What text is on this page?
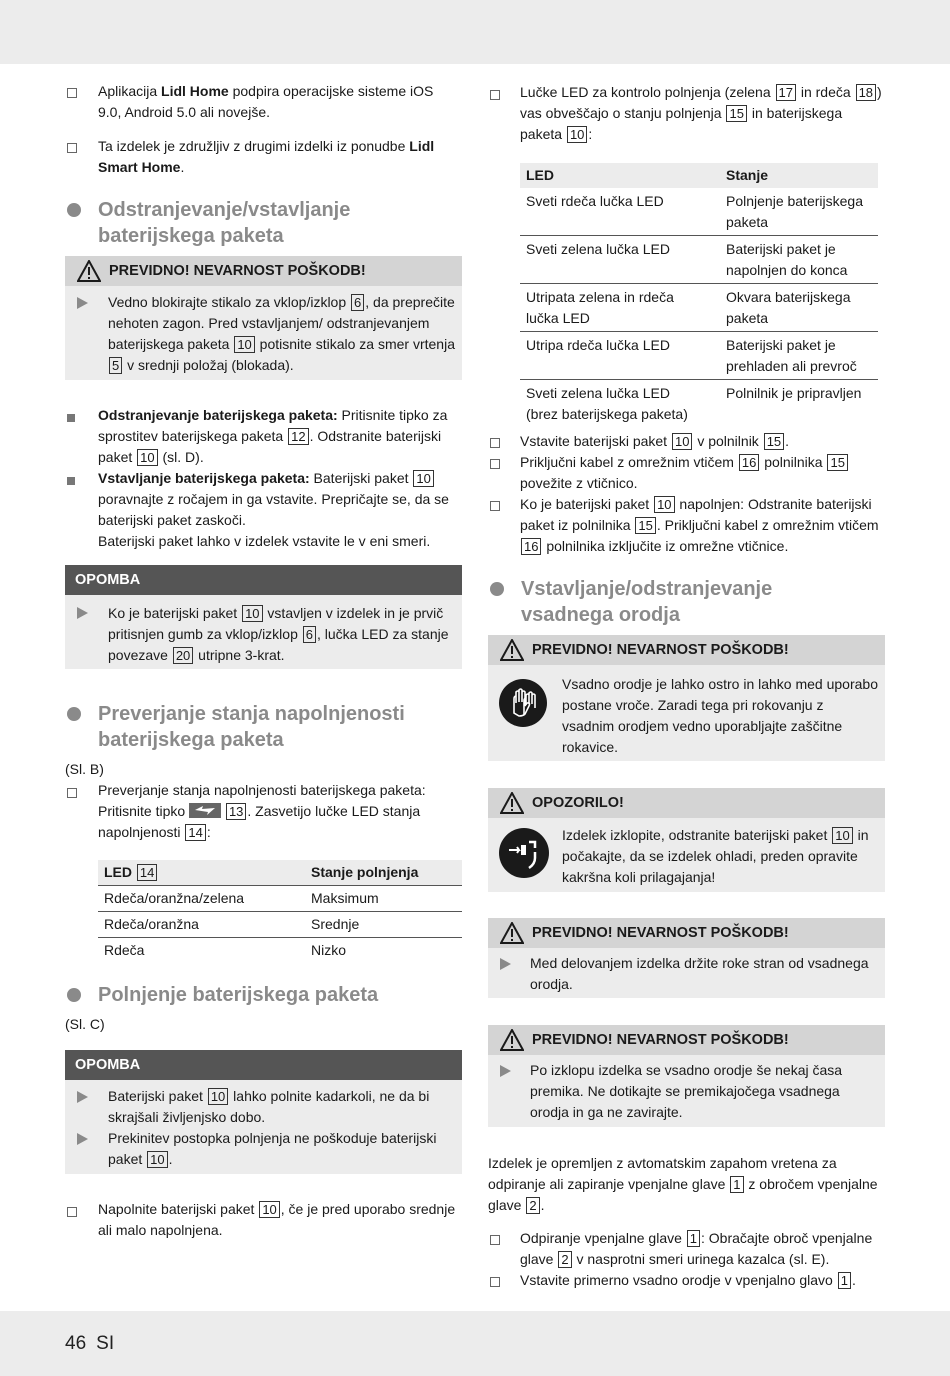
Aplikacija Lidl Home podpira operacijske sisteme iOS 9.0, Android 5.0 ali novejše.

Ta izdelek je združljiv z drugimi izdelki iz ponudbe Lidl Smart Home.

Odstranjevanje/vstavljanje baterijskega paketa
PREVIDNO! NEVARNOST POŠKODB!

Vedno blokirajte stikalo za vklop/izklop 6 , da preprečite nehoten zagon. Pred vstavljanjem/ odstranjevanjem baterijskega paketa 10 potisnite stikalo za smer vrtenja 5 v srednji položaj (blokada).

Odstranjevanje baterijskega paketa: Pritisnite tipko za sprostitev baterijskega paketa 12 . Odstranite baterijski paket 10 (sl. D).

Vstavljanje baterijskega paketa: Baterijski paket 10 poravnajte z ročajem in ga vstavite. Prepričajte se, da se baterijski paket zaskoči.
Baterijski paket lahko v izdelek vstavite le v eni smeri.

OPOMBA

Ko je baterijski paket 10 vstavljen v izdelek in je prvič pritisnjen gumb za vklop/izklop 6 , lučka LED za stanje povezave 20 utripne 3-krat.

Preverjanje stanja napolnjenosti baterijskega paketa

(Sl. B)

Preverjanje stanja napolnjenosti baterijskega paketa: Pritisnite tipko	13 . Zasvetijo lučke LED stanja napolnjenosti 14 :

LED 14	Stanje polnjenja
Rdeča/oranžna/zelena	Maksimum
Rdeča/oranžna	Srednje
Rdeča	Nizko
Polnjenje baterijskega paketa

(Sl. C)

OPOMBA

Baterijski paket 10 lahko polnite kadarkoli, ne da bi skrajšali življenjsko dobo.

Prekinitev postopka polnjenja ne poškoduje baterijski paket 10 .

Napolnite baterijski paket 10 , če je pred uporabo srednje ali malo napolnjena.

Lučke LED za kontrolo polnjenja (zelena 17 in rdeča 18 ) vas obveščajo o stanju polnjenja 15 in baterijskega paketa 10 :

LED	Stanje
Sveti rdeča lučka LED	Polnjenje baterijskega
paketa
Sveti zelena lučka LED	Baterijski paket je
napolnjen do konca
Utripata zelena in rdeča
lučka LED	Okvara baterijskega
paketa
Utripa rdeča lučka LED	Baterijski paket je
prehladen ali prevroč
Sveti zelena lučka LED
(brez baterijskega paketa)	Polnilnik je pripravljen

Vstavite baterijski paket 10 v polnilnik 15 .

Priključni kabel z omrežnim vtičem 16 polnilnika 15 povežite z vtičnico.

Ko je baterijski paket 10 napolnjen: Odstranite baterijski paket iz polnilnika 15 . Priključni kabel z omrežnim vtičem 16 polnilnika izključite iz omrežne vtičnice.

Vstavljanje/odstranjevanje vsadnega orodja
PREVIDNO! NEVARNOST POŠKODB!

Vsadno orodje je lahko ostro in lahko med uporabo postane vroče. Zaradi tega pri rokovanju z vsadnim orodjem vedno uporabljajte zaščitne rokavice.

OPOZORILO!

Izdelek izklopite, odstranite baterijski paket 10 in počakajte, da se izdelek ohladi, preden opravite kakršna koli prilagajanja!

PREVIDNO! NEVARNOST POŠKODB!

Med delovanjem izdelka držite roke stran od vsadnega orodja.

PREVIDNO! NEVARNOST POŠKODB!

Po izklopu izdelka se vsadno orodje še nekaj časa premika. Ne dotikajte se premikajočega vsadnega orodja in ga ne zavirajte.

Izdelek je opremljen z avtomatskim zapahom vretena za odpiranje ali zapiranje vpenjalne glave 1 z obročem vpenjalne glave 2 .

Odpiranje vpenjalne glave 1 : Obračajte obroč vpenjalne glave 2 v nasprotni smeri urinega kazalca (sl. E).

Vstavite primerno vsadno orodje v vpenjalno glavo 1 .

46 SI
